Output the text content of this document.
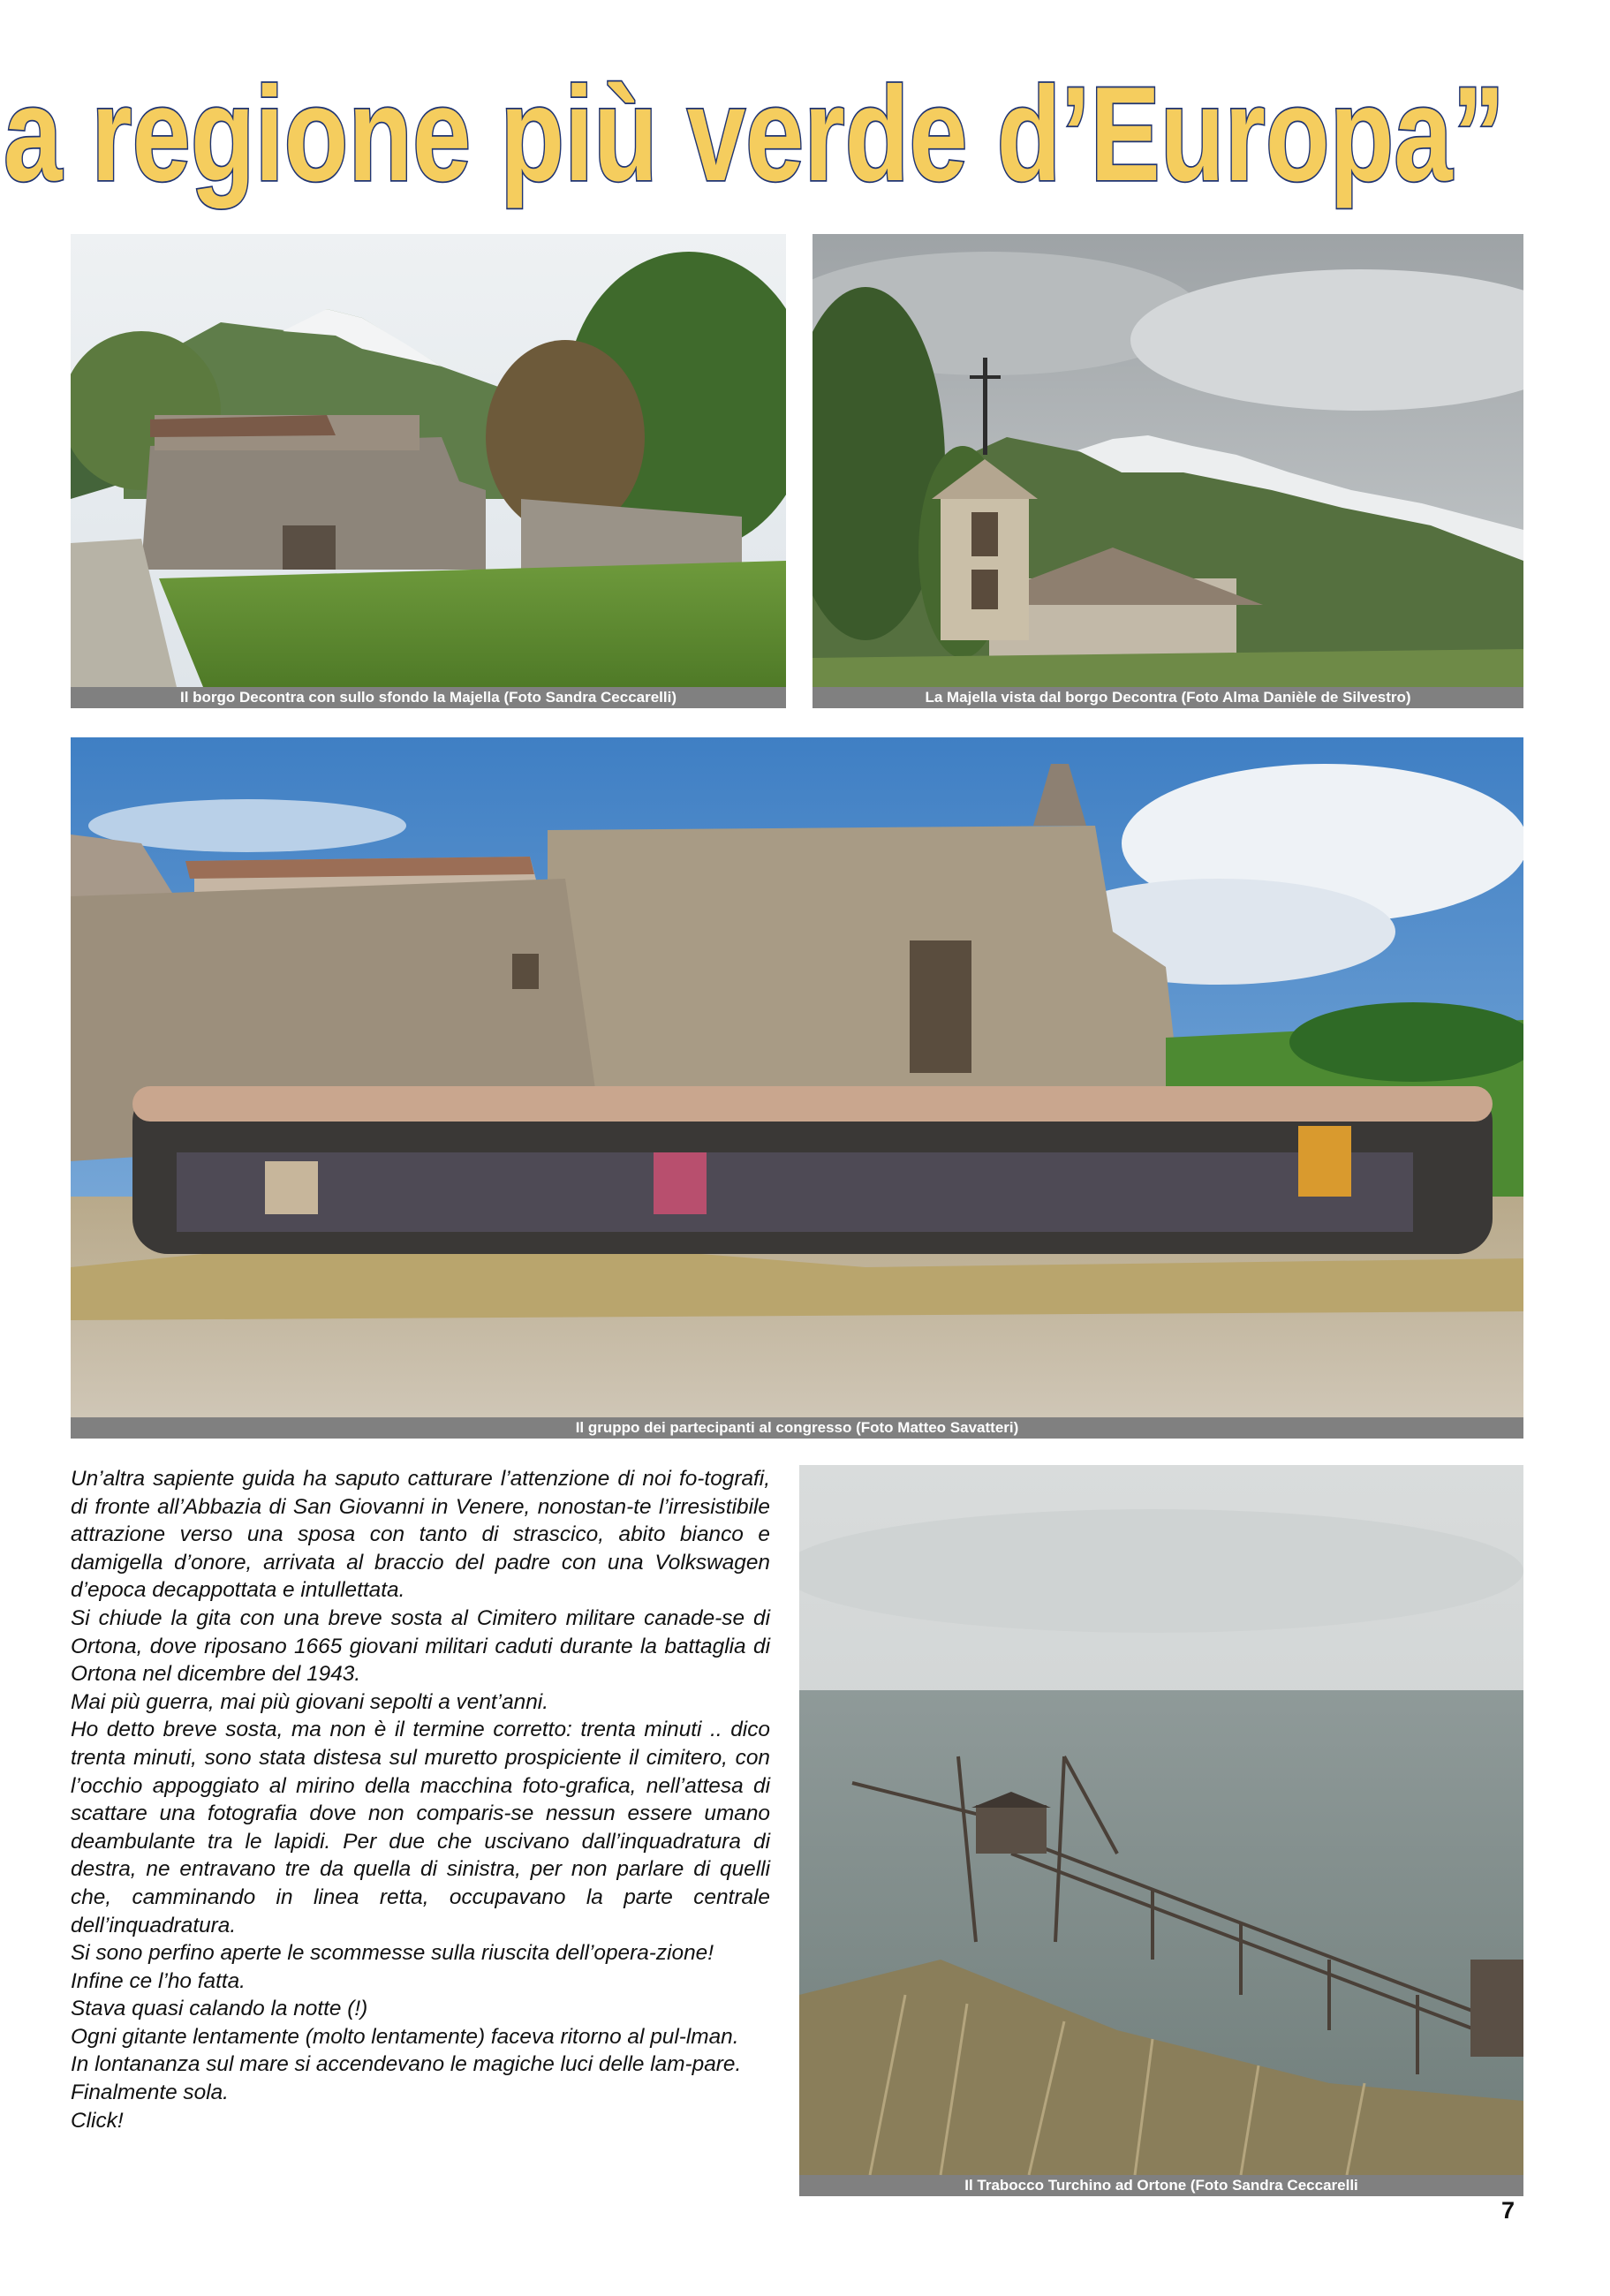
a regione più verde d’Europa”
Il borgo Decontra con sullo sfondo la Majella (Foto Sandra Ceccarelli)	La Majella vista dal borgo Decontra (Foto Alma Danièle de Silvestro)
Il gruppo dei partecipanti al congresso (Foto Matteo Savatteri)

Un’altra sapiente guida ha saputo catturare l’attenzione di noi fo-tografi, di fronte all’Abbazia di San Giovanni in Venere, nonostan-te l’irresistibile attrazione verso una sposa con tanto di strascico, abito bianco e damigella d’onore, arrivata al braccio del padre con una Volkswagen d’epoca decappottata e intullettata.

Si chiude la gita con una breve sosta al Cimitero militare canade-se di Ortona, dove riposano 1665 giovani militari caduti durante la battaglia di Ortona nel dicembre del 1943.

Mai più guerra, mai più giovani sepolti a vent’anni.

Ho detto breve sosta, ma non è il termine corretto: trenta minuti .. dico trenta minuti, sono stata distesa sul muretto prospiciente il cimitero, con l’occhio appoggiato al mirino della macchina foto-grafica, nell’attesa di scattare una fotografia dove non comparis-se nessun essere umano deambulante tra le lapidi. Per due che uscivano dall’inquadratura di destra, ne entravano tre da quella di sinistra, per non parlare di quelli che, camminando in linea retta, occupavano la parte centrale dell’inquadratura.

Si sono perfino aperte le scommesse sulla riuscita dell’opera-zione!

Infine ce l’ho fatta.

Stava quasi calando la notte (!)

Ogni gitante lentamente (molto lentamente) faceva ritorno al pul-lman.

In lontananza sul mare si accendevano le magiche luci delle lam-pare.

Finalmente sola.

Click!

Il Trabocco Turchino ad Ortone (Foto Sandra Ceccarelli
7
